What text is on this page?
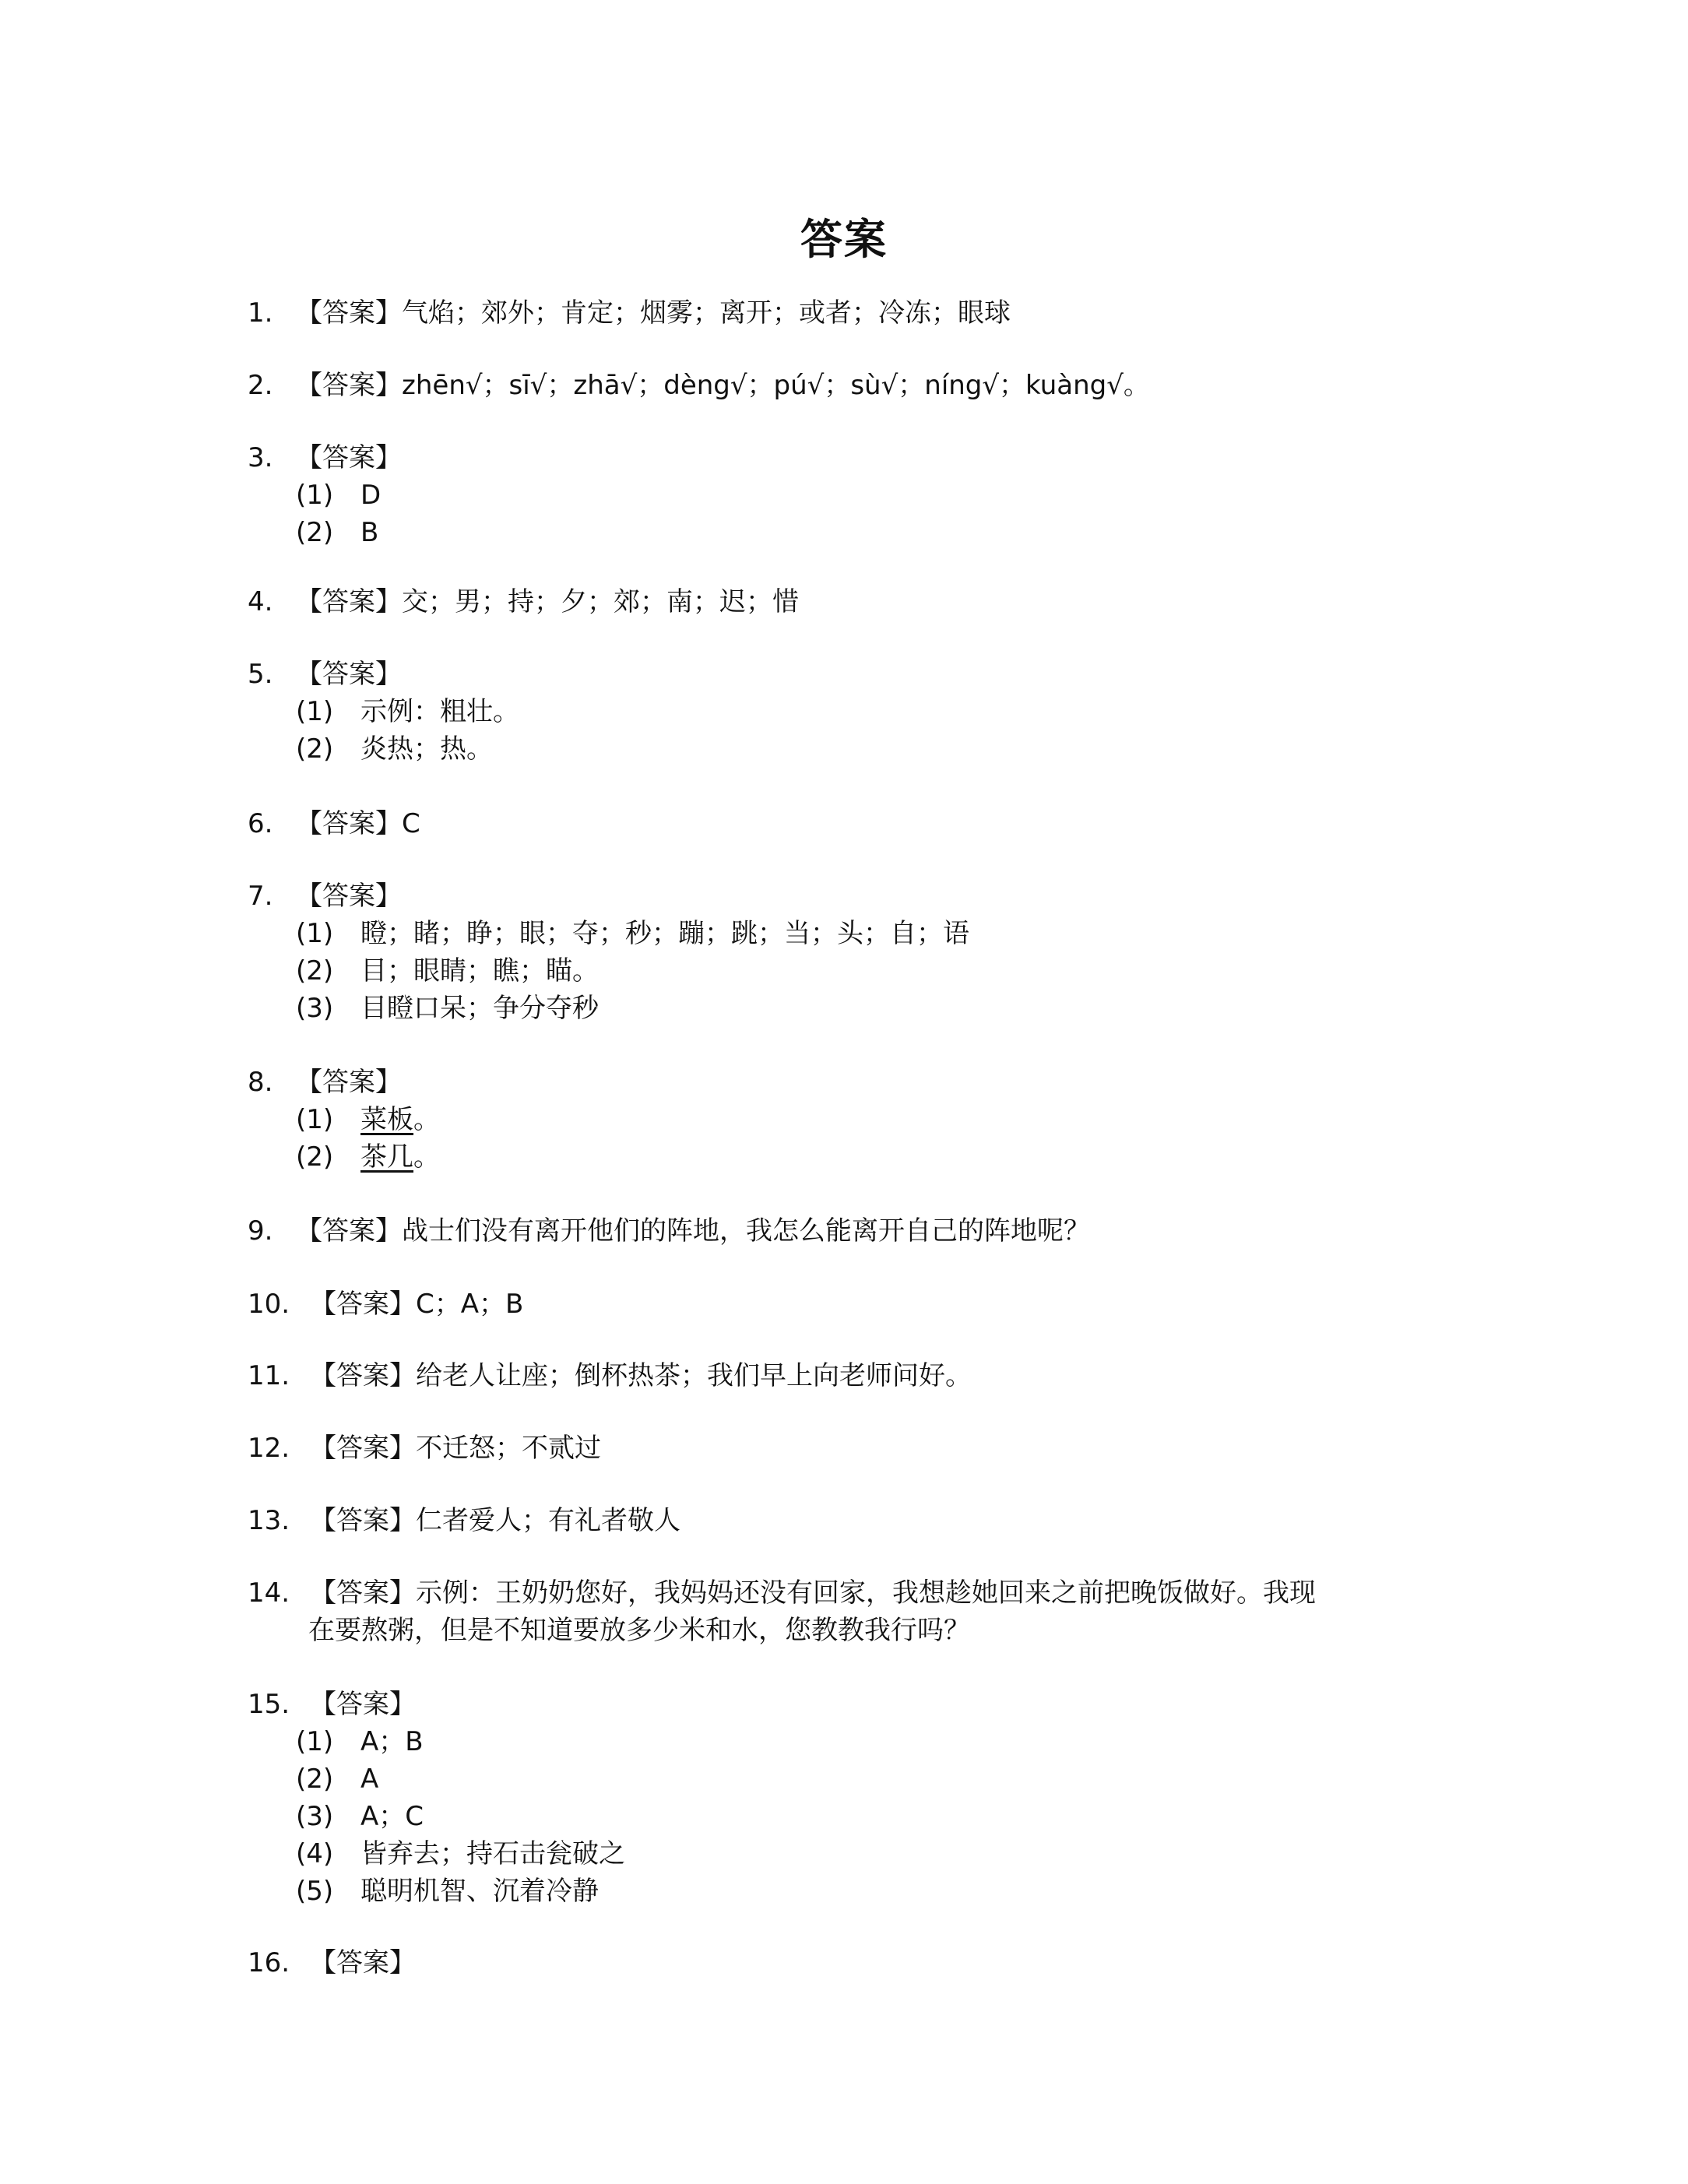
答案
1. 【答案】气焰；郊外；肯定；烟雾；离开；或者；冷冻；眼球
2. 【答案】zhēn√；sī√；zhā√；dèng√；pú√；sù√；níng√；kuàng√。
3. 【答案】
(1) D
(2) B
4. 【答案】交；男；持；夕；郊；南；迟；惜
5. 【答案】
(1) 示例：粗壮。
(2) 炎热；热。
6. 【答案】C
7. 【答案】
(1) 瞪；睹；睁；眼；夺；秒；蹦；跳；当；头；自；语
(2) 目；眼睛；瞧；瞄。
(3) 目瞪口呆；争分夺秒
8. 【答案】
(1) 菜板。
(2) 茶几。
9. 【答案】战士们没有离开他们的阵地，我怎么能离开自己的阵地呢？
10. 【答案】C；A；B
11. 【答案】给老人让座；倒杯热茶；我们早上向老师问好。
12. 【答案】不迁怒；不贰过
13. 【答案】仁者爱人；有礼者敬人
14. 【答案】示例：王奶奶您好，我妈妈还没有回家，我想趁她回来之前把晚饭做好。我现
在要熬粥，但是不知道要放多少米和水，您教教我行吗？
15. 【答案】
(1) A；B
(2) A
(3) A；C
(4) 皆弃去；持石击瓮破之
(5) 聪明机智、沉着冷静
16. 【答案】
